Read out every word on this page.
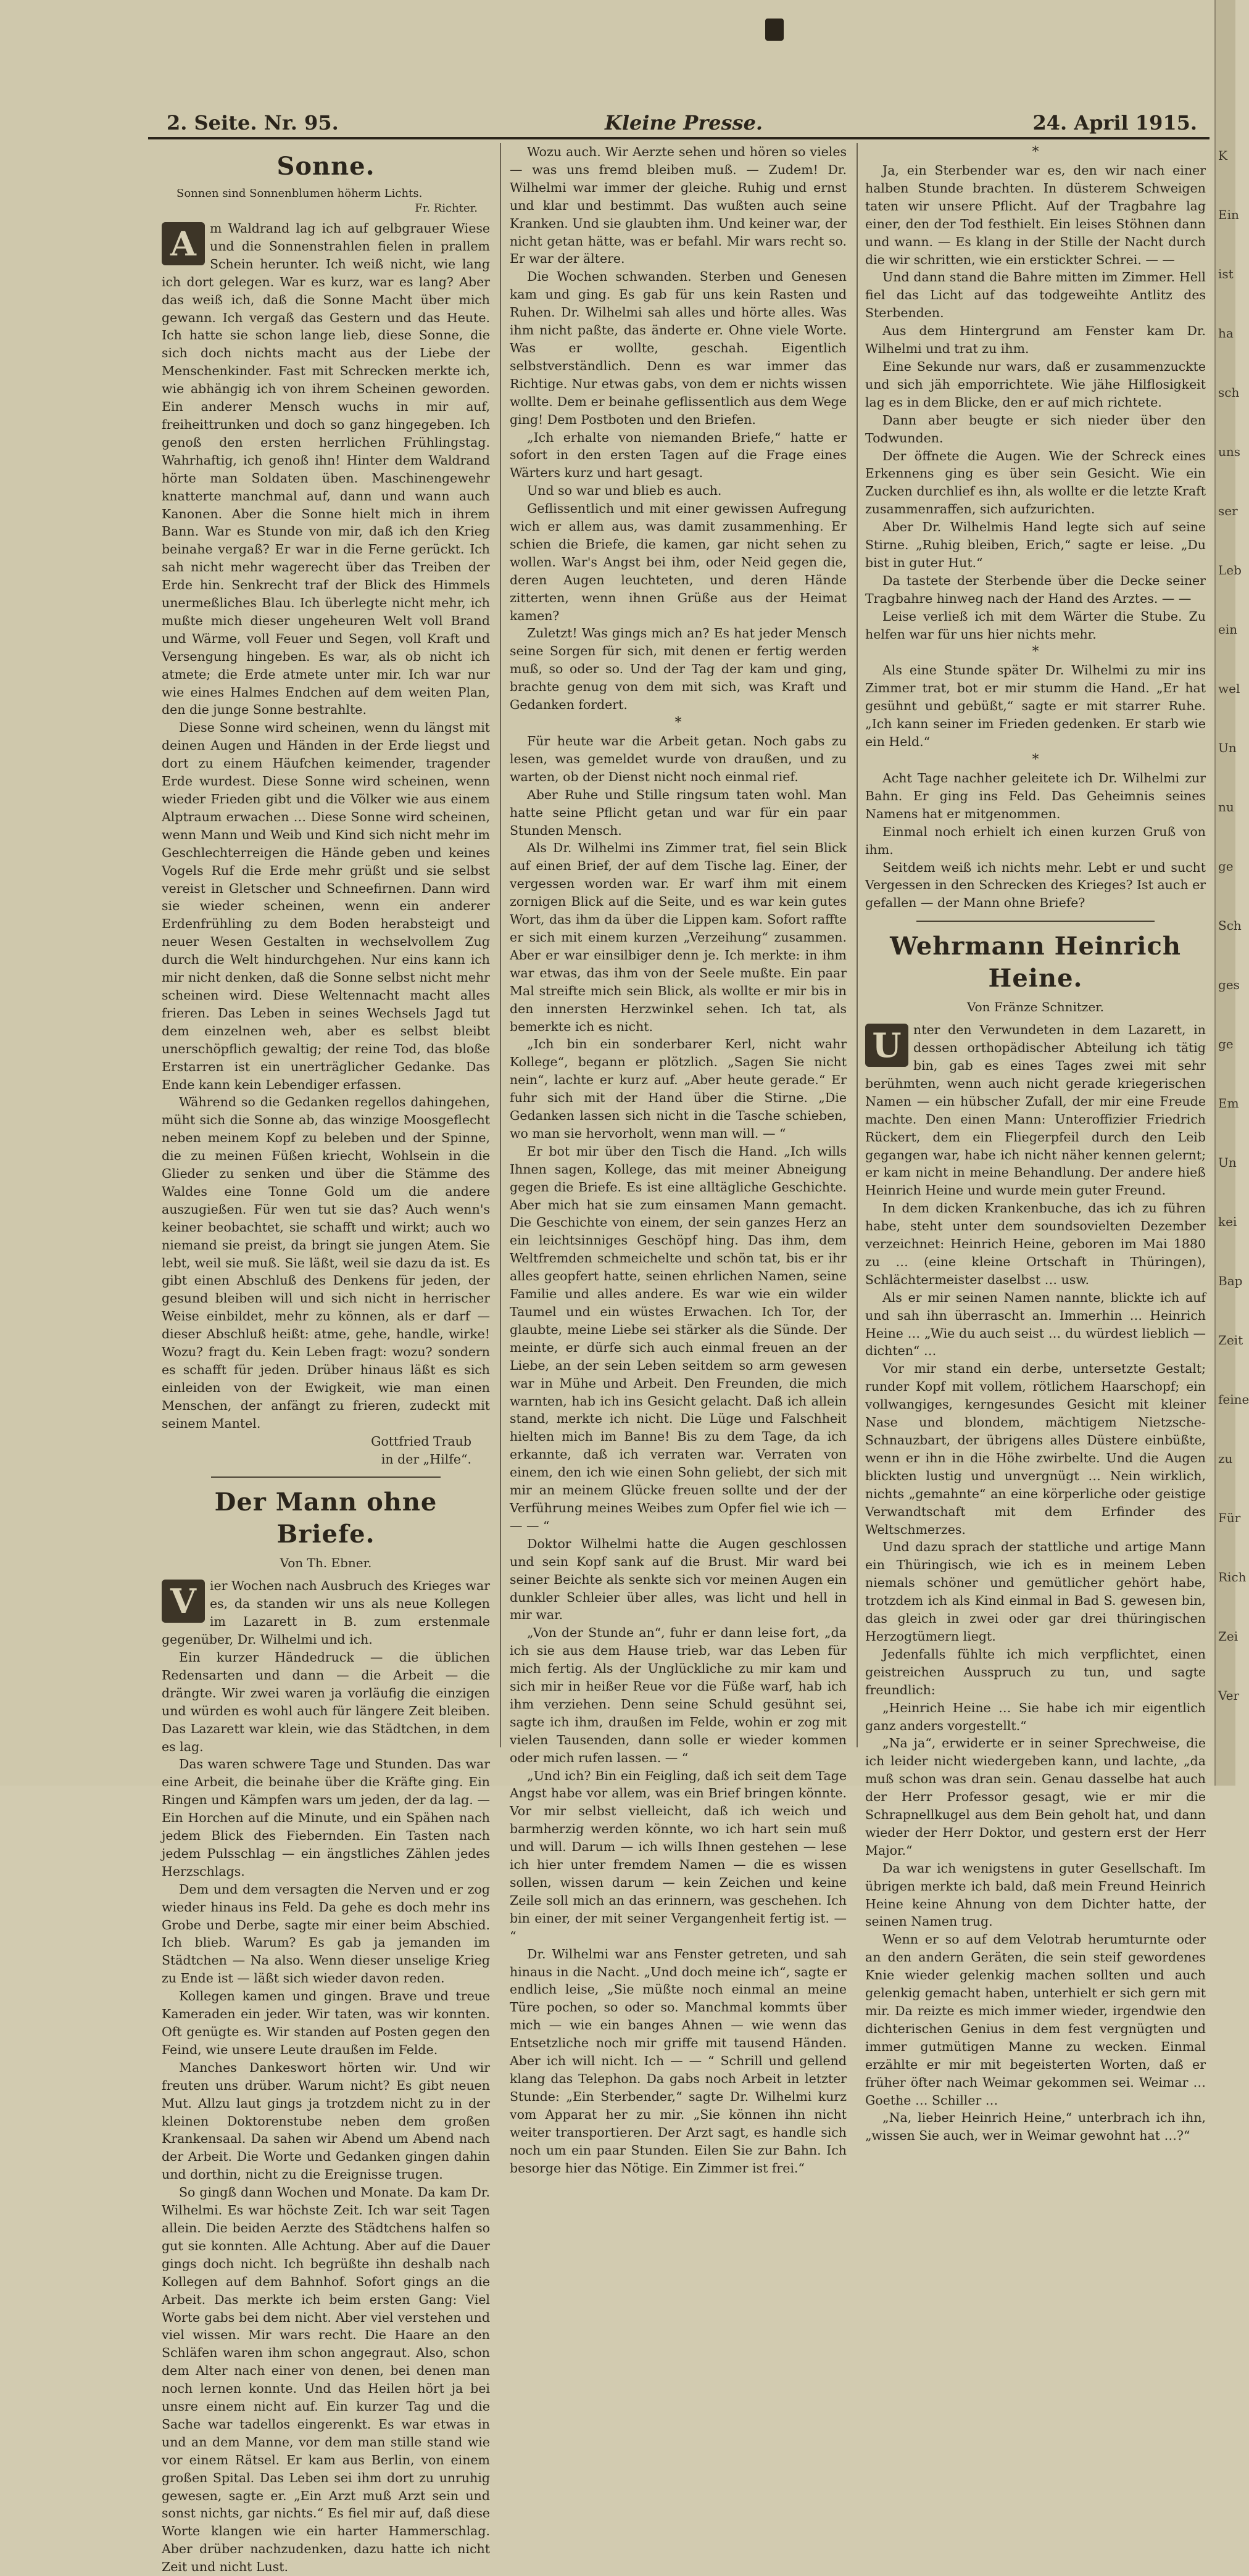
2. Seite. Nr. 95.	Kleine Presse.	24. April 1915.
Sonne.
Sonnen sind Sonnenblumen höherm Lichts.
Fr. Richter.
A	m Waldrand lag ich auf gelbgrauer Wiese und die Sonnenstrahlen fielen in prallem Schein herunter. Ich weiß nicht, wie lang ich dort gelegen. War es kurz, war es lang? Aber das weiß ich, daß die Sonne Macht über mich gewann. Ich vergaß das Gestern und das Heute. Ich hatte sie schon lange lieb, diese Sonne, die sich doch nichts macht aus der Liebe der Menschenkinder. Fast mit Schrecken merkte ich, wie abhängig ich von ihrem Scheinen geworden. Ein anderer Mensch wuchs in mir auf, freiheittrunken und doch so ganz hingegeben. Ich genoß den ersten herrlichen Frühlingstag. Wahrhaftig, ich genoß ihn! Hinter dem Waldrand hörte man Soldaten üben. Maschinengewehr knatterte manchmal auf, dann und wann auch Kanonen. Aber die Sonne hielt mich in ihrem Bann. War es Stunde von mir, daß ich den Krieg beinahe vergaß? Er war in die Ferne gerückt. Ich sah nicht mehr wagerecht über das Treiben der Erde hin. Senkrecht traf der Blick des Himmels unermeßliches Blau. Ich überlegte nicht mehr, ich mußte mich dieser ungeheuren Welt voll Brand und Wärme, voll Feuer und Segen, voll Kraft und Versengung hingeben. Es war, als ob nicht ich atmete; die Erde atmete unter mir. Ich war nur wie eines Halmes Endchen auf dem weiten Plan, den die junge Sonne bestrahlte.

Diese Sonne wird scheinen, wenn du längst mit deinen Augen und Händen in der Erde liegst und dort zu einem Häufchen keimender, tragender Erde wurdest. Diese Sonne wird scheinen, wenn wieder Frieden gibt und die Völker wie aus einem Alptraum erwachen … Diese Sonne wird scheinen, wenn Mann und Weib und Kind sich nicht mehr im Geschlechterreigen die Hände geben und keines Vogels Ruf die Erde mehr grüßt und sie selbst vereist in Gletscher und Schneefirnen. Dann wird sie wieder scheinen, wenn ein anderer Erdenfrühling zu dem Boden herabsteigt und neuer Wesen Gestalten in wechselvollem Zug durch die Welt hindurchgehen. Nur eins kann ich mir nicht denken, daß die Sonne selbst nicht mehr scheinen wird. Diese Weltennacht macht alles frieren. Das Leben in seines Wechsels Jagd tut dem einzelnen weh, aber es selbst bleibt unerschöpflich gewaltig; der reine Tod, das bloße Erstarren ist ein unerträglicher Gedanke. Das Ende kann kein Lebendiger erfassen.

Während so die Gedanken regellos dahingehen, müht sich die Sonne ab, das winzige Moosgeflecht neben meinem Kopf zu beleben und der Spinne, die zu meinen Füßen kriecht, Wohlsein in die Glieder zu senken und über die Stämme des Waldes eine Tonne Gold um die andere auszugießen. Für wen tut sie das? Auch wenn's keiner beobachtet, sie schafft und wirkt; auch wo niemand sie preist, da bringt sie jungen Atem. Sie lebt, weil sie muß. Sie läßt, weil sie dazu da ist. Es gibt einen Abschluß des Denkens für jeden, der gesund bleiben will und sich nicht in herrischer Weise einbildet, mehr zu können, als er darf — dieser Abschluß heißt: atme, gehe, handle, wirke! Wozu? fragt du. Kein Leben fragt: wozu? sondern es schafft für jeden. Drüber hinaus läßt es sich einleiden von der Ewigkeit, wie man einen Menschen, der anfängt zu frieren, zudeckt mit seinem Mantel.

Gottfried Traub
in der „Hilfe“.
Der Mann ohne Briefe.
Von Th. Ebner.
V	ier Wochen nach Ausbruch des Krieges war es, da standen wir uns als neue Kollegen im Lazarett in B. zum erstenmale gegenüber, Dr. Wilhelmi und ich.

Ein kurzer Händedruck — die üblichen Redensarten und dann — die Arbeit — die drängte. Wir zwei waren ja vorläufig die einzigen und würden es wohl auch für längere Zeit bleiben. Das Lazarett war klein, wie das Städtchen, in dem es lag.

Das waren schwere Tage und Stunden. Das war eine Arbeit, die beinahe über die Kräfte ging. Ein Ringen und Kämpfen wars um jeden, der da lag. — Ein Horchen auf die Minute, und ein Spähen nach jedem Blick des Fiebernden. Ein Tasten nach jedem Pulsschlag — ein ängstliches Zählen jedes Herzschlags.

Dem und dem versagten die Nerven und er zog wieder hinaus ins Feld. Da gehe es doch mehr ins Grobe und Derbe, sagte mir einer beim Abschied. Ich blieb. Warum? Es gab ja jemanden im Städtchen — Na also. Wenn dieser unselige Krieg zu Ende ist — läßt sich wieder davon reden.

Kollegen kamen und gingen. Brave und treue Kameraden ein jeder. Wir taten, was wir konnten. Oft genügte es. Wir standen auf Posten gegen den Feind, wie unsere Leute draußen im Felde.

Manches Dankeswort hörten wir. Und wir freuten uns drüber. Warum nicht? Es gibt neuen Mut. Allzu laut gings ja trotzdem nicht zu in der kleinen Doktorenstube neben dem großen Krankensaal. Da sahen wir Abend um Abend nach der Arbeit. Die Worte und Gedanken gingen dahin und dorthin, nicht zu die Ereignisse trugen.

So gingß dann Wochen und Monate. Da kam Dr. Wilhelmi. Es war höchste Zeit. Ich war seit Tagen allein. Die beiden Aerzte des Städtchens halfen so gut sie konnten. Alle Achtung. Aber auf die Dauer gings doch nicht. Ich begrüßte ihn deshalb nach Kollegen auf dem Bahnhof. Sofort gings an die Arbeit. Das merkte ich beim ersten Gang: Viel Worte gabs bei dem nicht. Aber viel verstehen und viel wissen. Mir wars recht. Die Haare an den Schläfen waren ihm schon angegraut. Also, schon dem Alter nach einer von denen, bei denen man noch lernen konnte. Und das Heilen hört ja bei unsre einem nicht auf. Ein kurzer Tag und die Sache war tadellos eingerenkt. Es war etwas in und an dem Manne, vor dem man stille stand wie vor einem Rätsel. Er kam aus Berlin, von einem großen Spital. Das Leben sei ihm dort zu unruhig gewesen, sagte er. „Ein Arzt muß Arzt sein und sonst nichts, gar nichts.“ Es fiel mir auf, daß diese Worte klangen wie ein harter Hammerschlag. Aber drüber nachzudenken, dazu hatte ich nicht Zeit und nicht Lust.

Wozu auch. Wir Aerzte sehen und hören so vieles — was uns fremd bleiben muß. — Zudem! Dr. Wilhelmi war immer der gleiche. Ruhig und ernst und klar und bestimmt. Das wußten auch seine Kranken. Und sie glaubten ihm. Und keiner war, der nicht getan hätte, was er befahl. Mir wars recht so. Er war der ältere.

Die Wochen schwanden. Sterben und Genesen kam und ging. Es gab für uns kein Rasten und Ruhen. Dr. Wilhelmi sah alles und hörte alles. Was ihm nicht paßte, das änderte er. Ohne viele Worte. Was er wollte, geschah. Eigentlich selbstverständlich. Denn es war immer das Richtige. Nur etwas gabs, von dem er nichts wissen wollte. Dem er beinahe geflissentlich aus dem Wege ging! Dem Postboten und den Briefen.

„Ich erhalte von niemanden Briefe,“ hatte er sofort in den ersten Tagen auf die Frage eines Wärters kurz und hart gesagt.

Und so war und blieb es auch.

Geflissentlich und mit einer gewissen Aufregung wich er allem aus, was damit zusammenhing. Er schien die Briefe, die kamen, gar nicht sehen zu wollen. War's Angst bei ihm, oder Neid gegen die, deren Augen leuchteten, und deren Hände zitterten, wenn ihnen Grüße aus der Heimat kamen?

Zuletzt! Was gings mich an? Es hat jeder Mensch seine Sorgen für sich, mit denen er fertig werden muß, so oder so. Und der Tag der kam und ging, brachte genug von dem mit sich, was Kraft und Gedanken fordert.

*

Für heute war die Arbeit getan. Noch gabs zu lesen, was gemeldet wurde von draußen, und zu warten, ob der Dienst nicht noch einmal rief.

Aber Ruhe und Stille ringsum taten wohl. Man hatte seine Pflicht getan und war für ein paar Stunden Mensch.

Als Dr. Wilhelmi ins Zimmer trat, fiel sein Blick auf einen Brief, der auf dem Tische lag. Einer, der vergessen worden war. Er warf ihm mit einem zornigen Blick auf die Seite, und es war kein gutes Wort, das ihm da über die Lippen kam. Sofort raffte er sich mit einem kurzen „Verzeihung“ zusammen. Aber er war einsilbiger denn je. Ich merkte: in ihm war etwas, das ihm von der Seele mußte. Ein paar Mal streifte mich sein Blick, als wollte er mir bis in den innersten Herzwinkel sehen. Ich tat, als bemerkte ich es nicht.

„Ich bin ein sonderbarer Kerl, nicht wahr Kollege“, begann er plötzlich. „Sagen Sie nicht nein“, lachte er kurz auf. „Aber heute gerade.“ Er fuhr sich mit der Hand über die Stirne. „Die Gedanken lassen sich nicht in die Tasche schieben, wo man sie hervorholt, wenn man will. — “

Er bot mir über den Tisch die Hand. „Ich wills Ihnen sagen, Kollege, das mit meiner Abneigung gegen die Briefe. Es ist eine alltägliche Geschichte. Aber mich hat sie zum einsamen Mann gemacht. Die Geschichte von einem, der sein ganzes Herz an ein leichtsinniges Geschöpf hing. Das ihm, dem Weltfremden schmeichelte und schön tat, bis er ihr alles geopfert hatte, seinen ehrlichen Namen, seine Familie und alles andere. Es war wie ein wilder Taumel und ein wüstes Erwachen. Ich Tor, der glaubte, meine Liebe sei stärker als die Sünde. Der meinte, er dürfe sich auch einmal freuen an der Liebe, an der sein Leben seitdem so arm gewesen war in Mühe und Arbeit. Den Freunden, die mich warnten, hab ich ins Gesicht gelacht. Daß ich allein stand, merkte ich nicht. Die Lüge und Falschheit hielten mich im Banne! Bis zu dem Tage, da ich erkannte, daß ich verraten war. Verraten von einem, den ich wie einen Sohn geliebt, der sich mit mir an meinem Glücke freuen sollte und der der Verführung meines Weibes zum Opfer fiel wie ich — — — “

Doktor Wilhelmi hatte die Augen geschlossen und sein Kopf sank auf die Brust. Mir ward bei seiner Beichte als senkte sich vor meinen Augen ein dunkler Schleier über alles, was licht und hell in mir war.

„Von der Stunde an“, fuhr er dann leise fort, „da ich sie aus dem Hause trieb, war das Leben für mich fertig. Als der Unglückliche zu mir kam und sich mir in heißer Reue vor die Füße warf, hab ich ihm verziehen. Denn seine Schuld gesühnt sei, sagte ich ihm, draußen im Felde, wohin er zog mit vielen Tausenden, dann solle er wieder kommen oder mich rufen lassen. — “

„Und ich? Bin ein Feigling, daß ich seit dem Tage Angst habe vor allem, was ein Brief bringen könnte. Vor mir selbst vielleicht, daß ich weich und barmherzig werden könnte, wo ich hart sein muß und will. Darum — ich wills Ihnen gestehen — lese ich hier unter fremdem Namen — die es wissen sollen, wissen darum — kein Zeichen und keine Zeile soll mich an das erinnern, was geschehen. Ich bin einer, der mit seiner Vergangenheit fertig ist. — “

Dr. Wilhelmi war ans Fenster getreten, und sah hinaus in die Nacht. „Und doch meine ich“, sagte er endlich leise, „Sie müßte noch einmal an meine Türe pochen, so oder so. Manchmal kommts über mich — wie ein banges Ahnen — wie wenn das Entsetzliche noch mir griffe mit tausend Händen. Aber ich will nicht. Ich — — “ Schrill und gellend klang das Telephon. Da gabs noch Arbeit in letzter Stunde: „Ein Sterbender,“ sagte Dr. Wilhelmi kurz vom Apparat her zu mir. „Sie können ihn nicht weiter transportieren. Der Arzt sagt, es handle sich noch um ein paar Stunden. Eilen Sie zur Bahn. Ich besorge hier das Nötige. Ein Zimmer ist frei.“

*

Ja, ein Sterbender war es, den wir nach einer halben Stunde brachten. In düsterem Schweigen taten wir unsere Pflicht. Auf der Tragbahre lag einer, den der Tod festhielt. Ein leises Stöhnen dann und wann. — Es klang in der Stille der Nacht durch die wir schritten, wie ein erstickter Schrei. — —

Und dann stand die Bahre mitten im Zimmer. Hell fiel das Licht auf das todgeweihte Antlitz des Sterbenden.

Aus dem Hintergrund am Fenster kam Dr. Wilhelmi und trat zu ihm.

Eine Sekunde nur wars, daß er zusammenzuckte und sich jäh emporrichtete. Wie jähe Hilflosigkeit lag es in dem Blicke, den er auf mich richtete.

Dann aber beugte er sich nieder über den Todwunden.

Der öffnete die Augen. Wie der Schreck eines Erkennens ging es über sein Gesicht. Wie ein Zucken durchlief es ihn, als wollte er die letzte Kraft zusammenraffen, sich aufzurichten.

Aber Dr. Wilhelmis Hand legte sich auf seine Stirne. „Ruhig bleiben, Erich,“ sagte er leise. „Du bist in guter Hut.“

Da tastete der Sterbende über die Decke seiner Tragbahre hinweg nach der Hand des Arztes. — —

Leise verließ ich mit dem Wärter die Stube. Zu helfen war für uns hier nichts mehr.

*

Als eine Stunde später Dr. Wilhelmi zu mir ins Zimmer trat, bot er mir stumm die Hand. „Er hat gesühnt und gebüßt,“ sagte er mit starrer Ruhe. „Ich kann seiner im Frieden gedenken. Er starb wie ein Held.“

*

Acht Tage nachher geleitete ich Dr. Wilhelmi zur Bahn. Er ging ins Feld. Das Geheimnis seines Namens hat er mitgenommen.

Einmal noch erhielt ich einen kurzen Gruß von ihm.

Seitdem weiß ich nichts mehr. Lebt er und sucht Vergessen in den Schrecken des Krieges? Ist auch er gefallen — der Mann ohne Briefe?

Wehrmann Heinrich Heine.
Von Fränze Schnitzer.
U nter den Verwundeten in dem Lazarett, in dessen orthopädischer Abteilung ich tätig bin, gab es eines Tages zwei mit sehr berühmten, wenn auch nicht gerade kriegerischen Namen — ein hübscher Zufall, der mir eine Freude machte. Den einen Mann: Unteroffizier Friedrich Rückert, dem ein Fliegerpfeil durch den Leib gegangen war, habe ich nicht näher kennen gelernt; er kam nicht in meine Behandlung. Der andere hieß Heinrich Heine und wurde mein guter Freund.

In dem dicken Krankenbuche, das ich zu führen habe, steht unter dem soundsovielten Dezember verzeichnet: Heinrich Heine, geboren im Mai 1880 zu … (eine kleine Ortschaft in Thüringen), Schlächtermeister daselbst … usw.

Als er mir seinen Namen nannte, blickte ich auf und sah ihn überrascht an. Immerhin … Heinrich Heine … „Wie du auch seist … du würdest lieblich — dichten“ …

Vor mir stand ein derbe, untersetzte Gestalt; runder Kopf mit vollem, rötlichem Haarschopf; ein vollwangiges, kerngesundes Gesicht mit kleiner Nase und blondem, mächtigem Nietzsche-Schnauzbart, der übrigens alles Düstere einbüßte, wenn er ihn in die Höhe zwirbelte. Und die Augen blickten lustig und unvergnügt … Nein wirklich, nichts „gemahnte“ an eine körperliche oder geistige Verwandtschaft mit dem Erfinder des Weltschmerzes.

Und dazu sprach der stattliche und artige Mann ein Thüringisch, wie ich es in meinem Leben niemals schöner und gemütlicher gehört habe, trotzdem ich als Kind einmal in Bad S. gewesen bin, das gleich in zwei oder gar drei thüringischen Herzogtümern liegt.

Jedenfalls fühlte ich mich verpflichtet, einen geistreichen Ausspruch zu tun, und sagte freundlich:

„Heinrich Heine … Sie habe ich mir eigentlich ganz anders vorgestellt.“

„Na ja“, erwiderte er in seiner Sprechweise, die ich leider nicht wiedergeben kann, und lachte, „da muß schon was dran sein. Genau dasselbe hat auch der Herr Professor gesagt, wie er mir die Schrapnellkugel aus dem Bein geholt hat, und dann wieder der Herr Doktor, und gestern erst der Herr Major.“

Da war ich wenigstens in guter Gesellschaft. Im übrigen merkte ich bald, daß mein Freund Heinrich Heine keine Ahnung von dem Dichter hatte, der seinen Namen trug.

Wenn er so auf dem Velotrab herumturnte oder an den andern Geräten, die sein steif gewordenes Knie wieder gelenkig machen sollten und auch gelenkig gemacht haben, unterhielt er sich gern mit mir. Da reizte es mich immer wieder, irgendwie den dichterischen Genius in dem fest vergnügten und immer gutmütigen Manne zu wecken. Einmal erzählte er mir mit begeisterten Worten, daß er früher öfter nach Weimar gekommen sei. Weimar … Goethe … Schiller …

„Na, lieber Heinrich Heine,“ unterbrach ich ihn, „wissen Sie auch, wer in Weimar gewohnt hat …?“

K
Ein
ist
ha
sch
uns
ser
Leb
ein
wel
Un
nu
ge
Sch
ges
ge
Em
Un
kei
Bap
Zeit
feine
zu
Für
Rich
Zei
Ver
